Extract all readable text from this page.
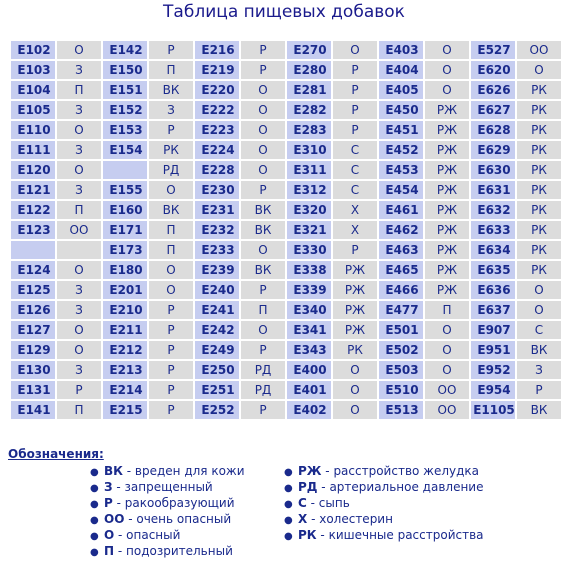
Таблица пищевых добавок
E102	О	E142	Р	E216	Р	E270	О	E403	О	E527	ОО
E103	З	E150	П	E219	Р	E280	Р	E404	О	E620	О
E104	П	E151	ВК	E220	О	E281	Р	E405	О	E626	РК
E105	З	E152	З	E222	О	E282	Р	E450	РЖ	E627	РК
E110	О	E153	Р	E223	О	E283	Р	E451	РЖ	E628	РК
E111	З	E154	РК	E224	О	E310	С	E452	РЖ	E629	РК
E120	О		РД	E228	О	E311	С	E453	РЖ	E630	РК
E121	З	E155	О	E230	Р	E312	С	E454	РЖ	E631	РК
E122	П	E160	ВК	E231	ВК	E320	Х	E461	РЖ	E632	РК
E123	ОО	E171	П	E232	ВК	E321	Х	E462	РЖ	E633	РК
		E173	П	E233	О	E330	Р	E463	РЖ	E634	РК
E124	О	E180	О	E239	ВК	E338	РЖ	E465	РЖ	E635	РК
E125	З	E201	О	E240	Р	E339	РЖ	E466	РЖ	E636	О
E126	З	E210	Р	E241	П	E340	РЖ	E477	П	E637	О
E127	О	E211	Р	E242	О	E341	РЖ	E501	О	E907	С
E129	О	E212	Р	E249	Р	E343	РК	E502	О	E951	ВК
E130	З	E213	Р	E250	РД	E400	О	E503	О	E952	З
E131	Р	E214	Р	E251	РД	E401	О	E510	ОО	E954	Р
E141	П	E215	Р	E252	Р	E402	О	E513	ОО	E1105	ВК
Обозначения:
● ВК - вреден для кожи
● З - запрещенный
● Р - ракообразующий
● ОО - очень опасный
● О - опасный
● П - подозрительный
● РЖ - расстройство желудка
● РД - артериальное давление
● С - сыпь
● Х - холестерин
● РК - кишечные расстройства
